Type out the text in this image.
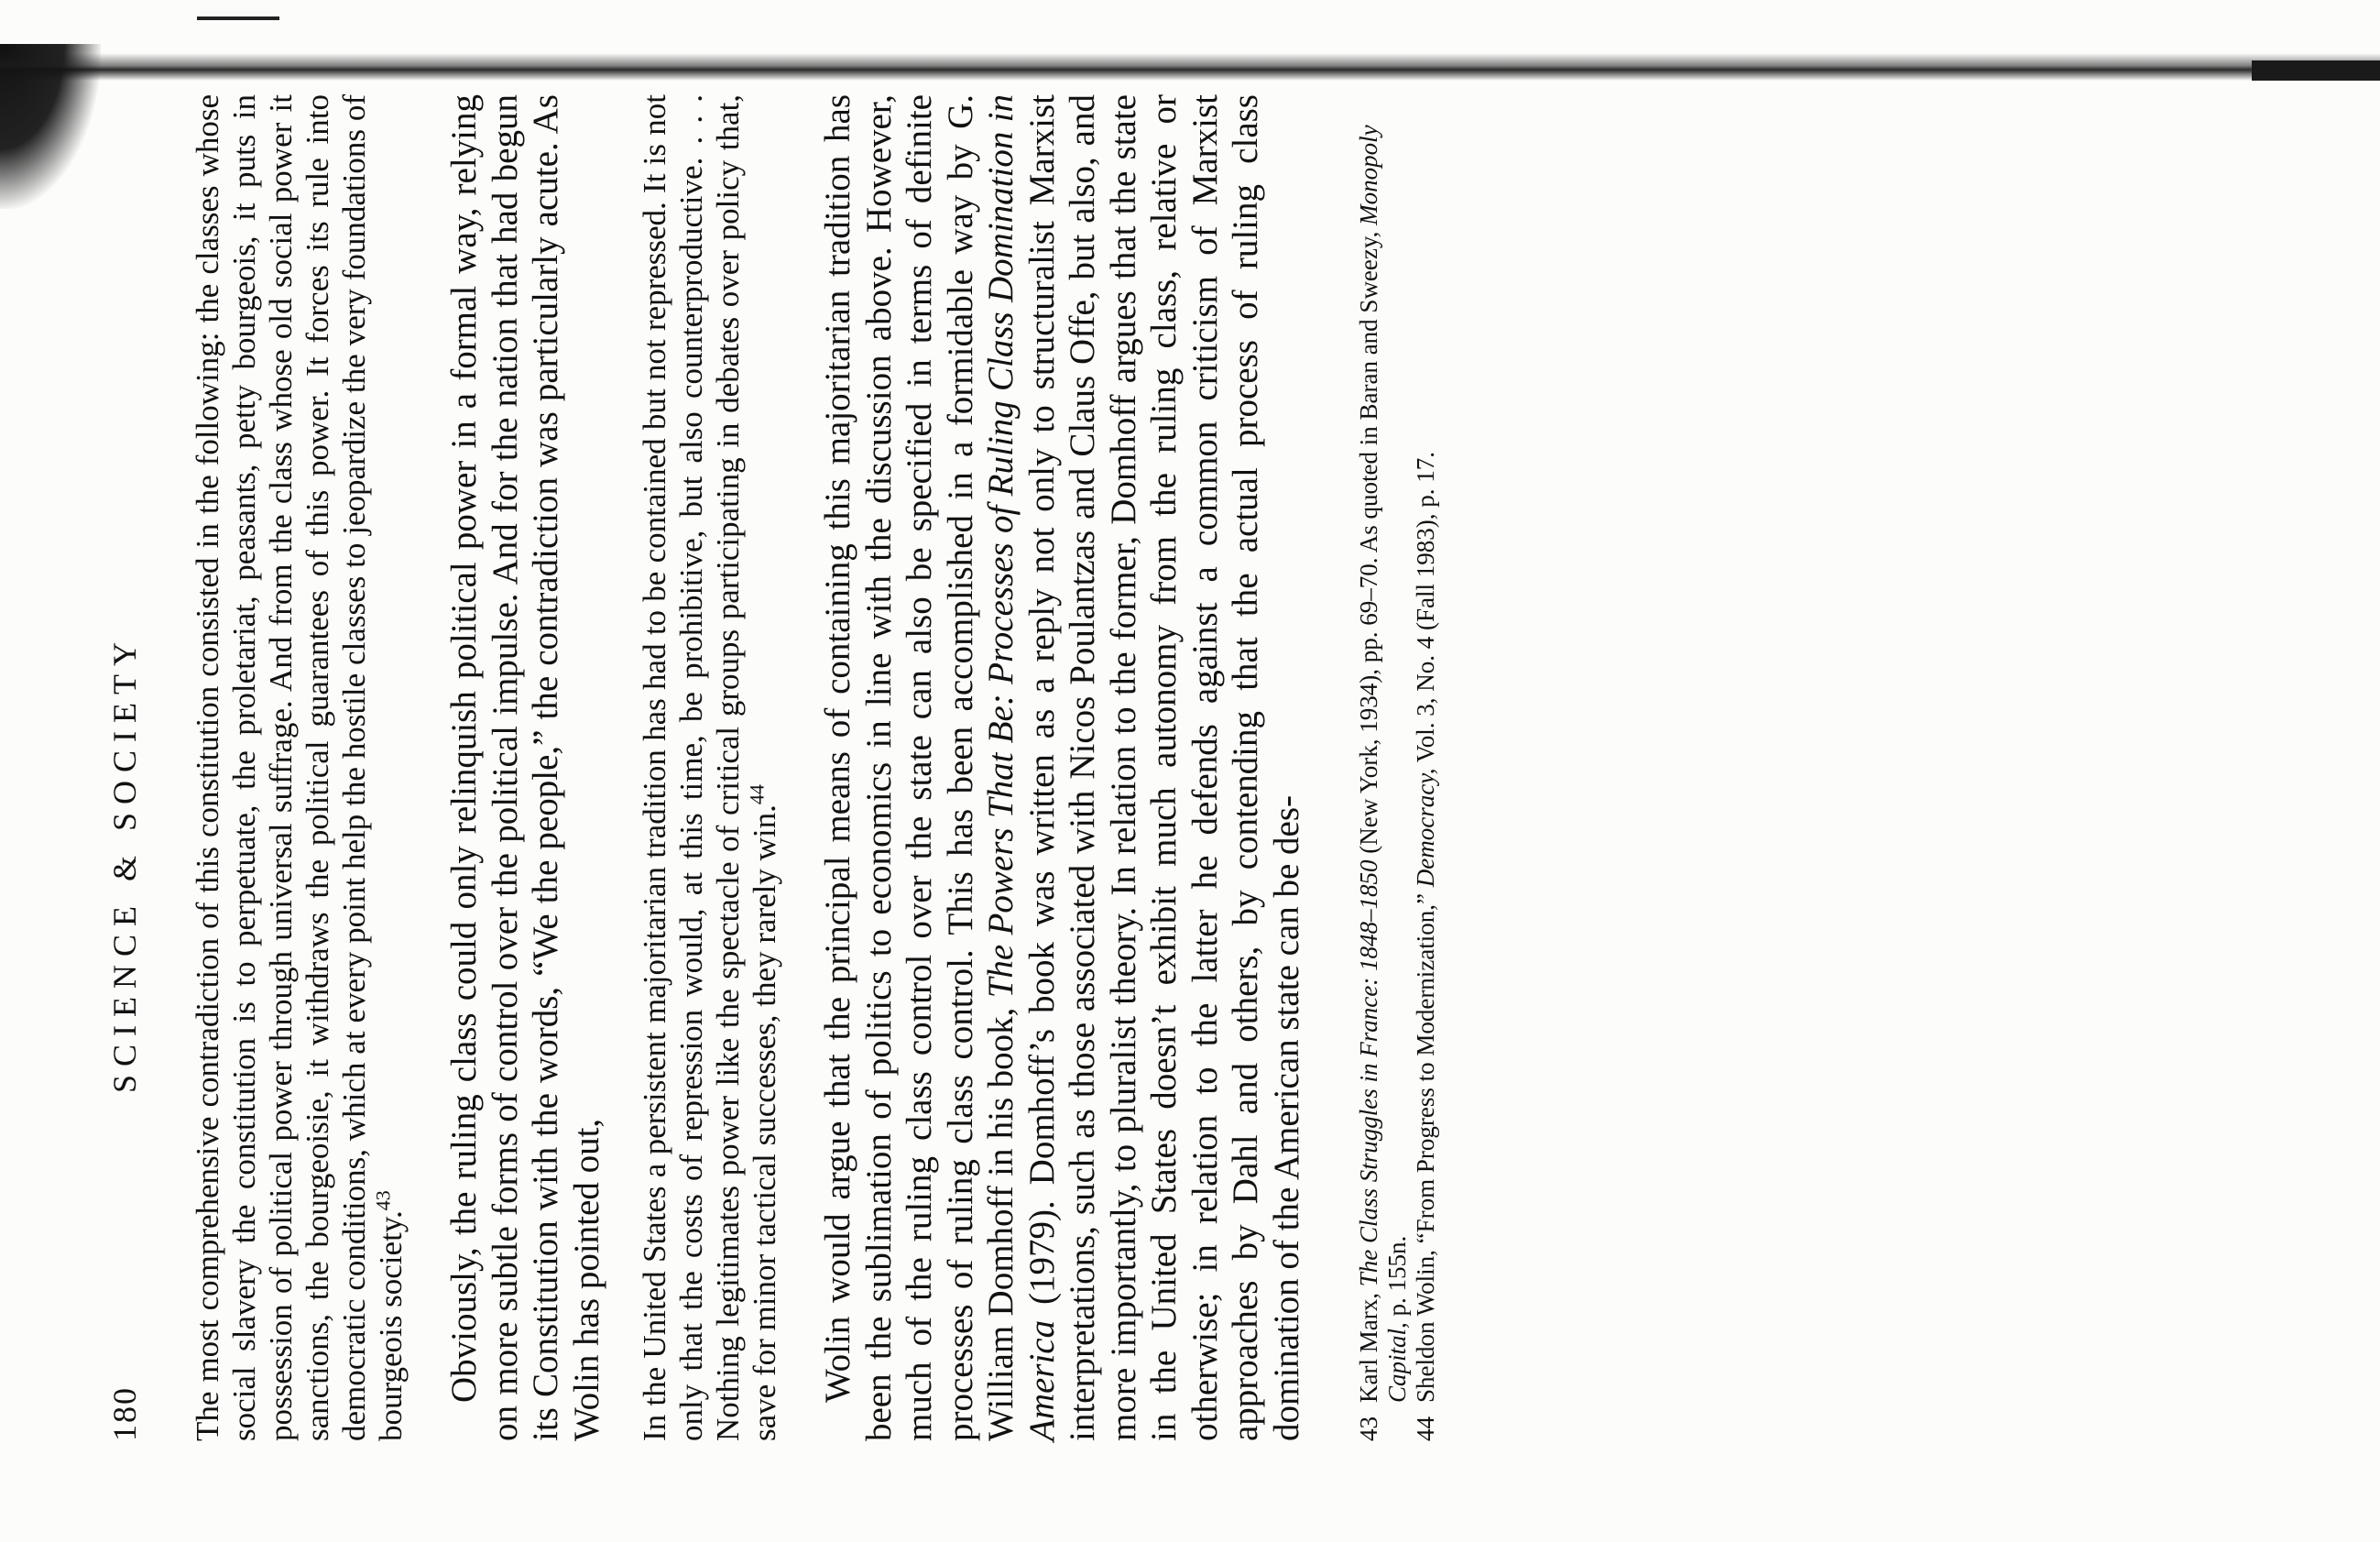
180
SCIENCE & SOCIETY The most comprehensive contradiction of this constitution consisted in the following: the classes whose social slavery the constitution is to perpetuate, the proletariat, peasants, petty bourgeois, it puts in possession of political power through universal suffrage. And from the class whose old social power it sanctions, the bourgeoisie, it withdraws the political guarantees of this power. It forces its rule into democratic conditions, which at every point help the hostile classes to jeopardize the very foundations of bourgeois society.$^{43}$	Obviously, the ruling class could only relinquish political power in a formal way, relying on more subtle forms of control over the political impulse. And for the nation that had begun its Constitution with the words, “We the people,” the contradiction was particularly acute. As Wolin has pointed out, In the United States a persistent majoritarian tradition has had to be contained but not repressed. It is not only that the costs of repression would, at this time, be prohibitive, but also counterproductive. . . . Nothing legitimates power like the spectacle of critical groups participating in debates over policy that, save for minor tactical successes, they rarely win.$^{44}$	Wolin would argue that the principal means of containing this majoritarian tradition has been the sublimation of politics to economics in line with the discussion above. However, much of the ruling class control over the state can also be specified in terms of definite processes of ruling class control. This has been accomplished in a formidable way by G. William Domhoff in his book, The Powers That Be: Processes of Ruling Class Domination in America (1979). Domhoff’s book was written as a reply not only to structuralist Marxist interpretations, such as those associated with Nicos Poulantzas and Claus Offe, but also, and more importantly, to pluralist theory. In relation to the former, Domhoff argues that the state in the United States doesn’t exhibit much autonomy from the ruling class, relative or otherwise; in relation to the latter he defends against a common criticism of Marxist approaches by Dahl and others, by contending that the actual process of ruling class domination of the American state can be des- 43
Karl Marx, The Class Struggles in France: 1848–1850 (New York, 1934), pp. 69–70. As quoted in Baran and Sweezy, Monopoly Capital, p. 155n.
44
Sheldon Wolin, “From Progress to Modernization,” Democracy, Vol. 3, No. 4 (Fall 1983), p. 17.
